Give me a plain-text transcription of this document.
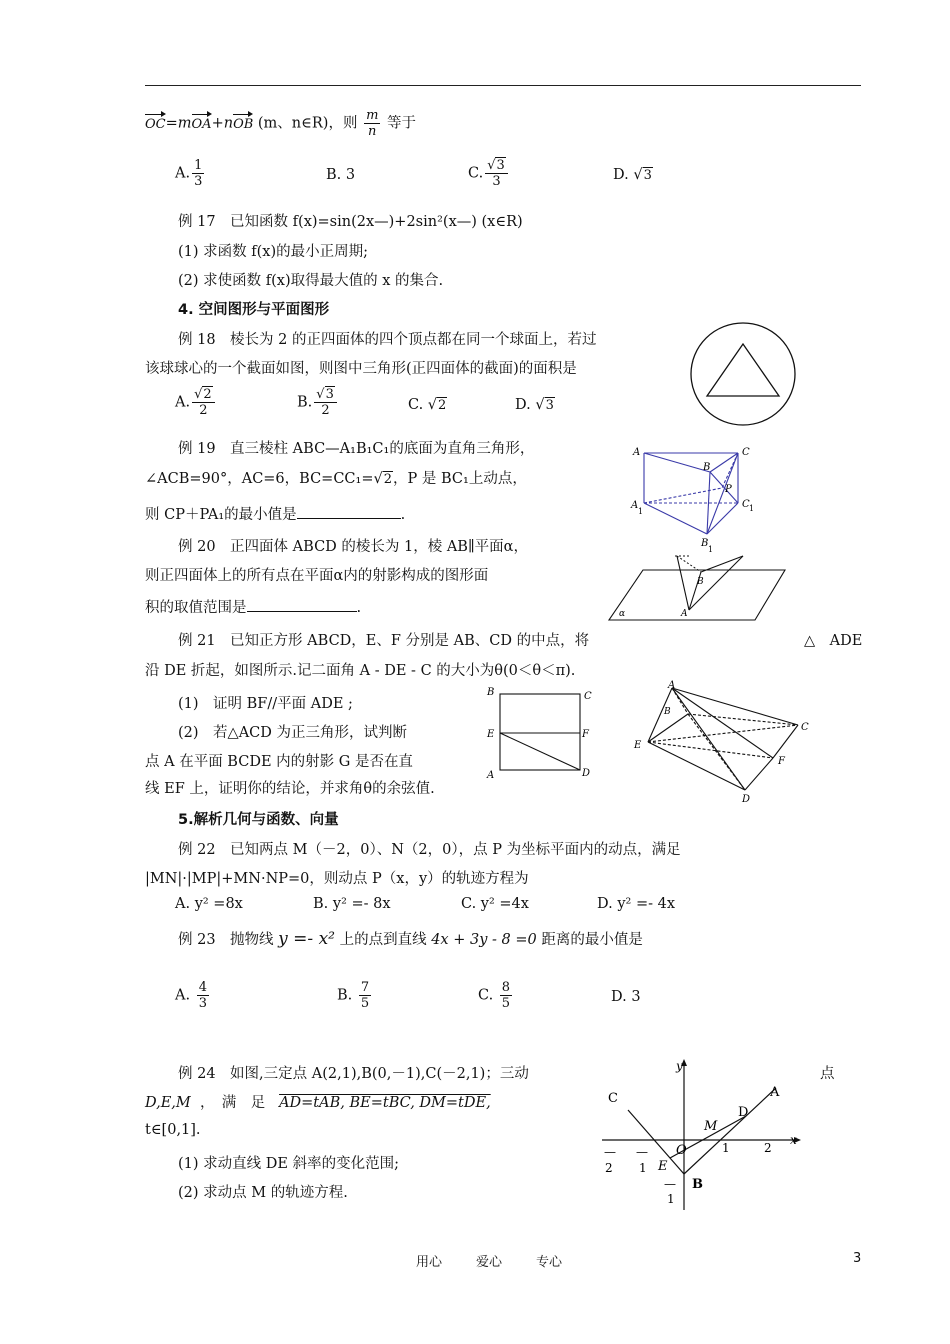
OC=mOA+nOB (m、n∈R)，则 $\frac{m}{n}$ 等于
A. $\frac{1}{3}$	B. 3	C. $\frac{√3}{3}$	D. √3
例 17　已知函数 f(x)=sin(2x—)+2sin²(x—) (x∈R)
(1) 求函数 f(x)的最小正周期;
(2) 求使函数 f(x)取得最大值的 x 的集合.
4. 空间图形与平面图形
例 18　棱长为 2 的正四面体的四个顶点都在同一个球面上，若过
该球球心的一个截面如图，则图中三角形(正四面体的截面)的面积是
A. $\frac{√2}{2}$	B. $\frac{√3}{2}$	C. √2	D. √3
例 19　直三棱柱 ABC—A₁B₁C₁的底面为直角三角形，
∠ACB=90°，AC=6，BC=CC₁=√2，P 是 BC₁上动点，
则 CP＋PA₁的最小值是	.
A	C
B
P
A
1
C 1
B
1
例 20　正四面体 ABCD 的棱长为 1，棱 AB∥平面α，
则正四面体上的所有点在平面α内的射影构成的图形面
积的取值范围是	.	α	A
B
例 21　已知正方形 ABCD，E、F 分别是 AB、CD 的中点，将	△　ADE
沿 DE 折起，如图所示.记二面角 A - DE - C 的大小为θ(0＜θ＜π).
(1)　证明 BF//平面 ADE ;
(2)　若△ACD 为正三角形，试判断
点 A 在平面 BCDE 内的射影 G 是否在直
线 EF 上，证明你的结论，并求角θ的余弦值.
B	C
E	F
A	D
A
B
C
E
F
D
5.解析几何与函数、向量
例 22　已知两点 M（－2，0）、N（2，0），点 P 为坐标平面内的动点，满足
|MN|·|MP|+MN·NP=0，则动点 P（x，y）的轨迹方程为
A. y² =8x	B. y² =- 8x	C. y² =4x	D. y² =- 4x
例 23　抛物线 y =- x² 上的点到直线 4x + 3y - 8 =0 距离的最小值是
A. $\frac{4}{3}$	B. $\frac{7}{5}$	C. $\frac{8}{5}$	D. 3
例 24　如图,三定点 A(2,1),B(0,－1),C(－2,1)；三动	点
D,E,M ，　满　足 AD=tAB, BE=tBC, DM=tDE,
t∈[0,1].
(1) 求动直线 DE 斜率的变化范围;
(2) 求动点 M 的轨迹方程.
y
x
A
C
D
M
O
E
B
1	2
—
2
—
1
—
1
用心	爱心	专心	3
